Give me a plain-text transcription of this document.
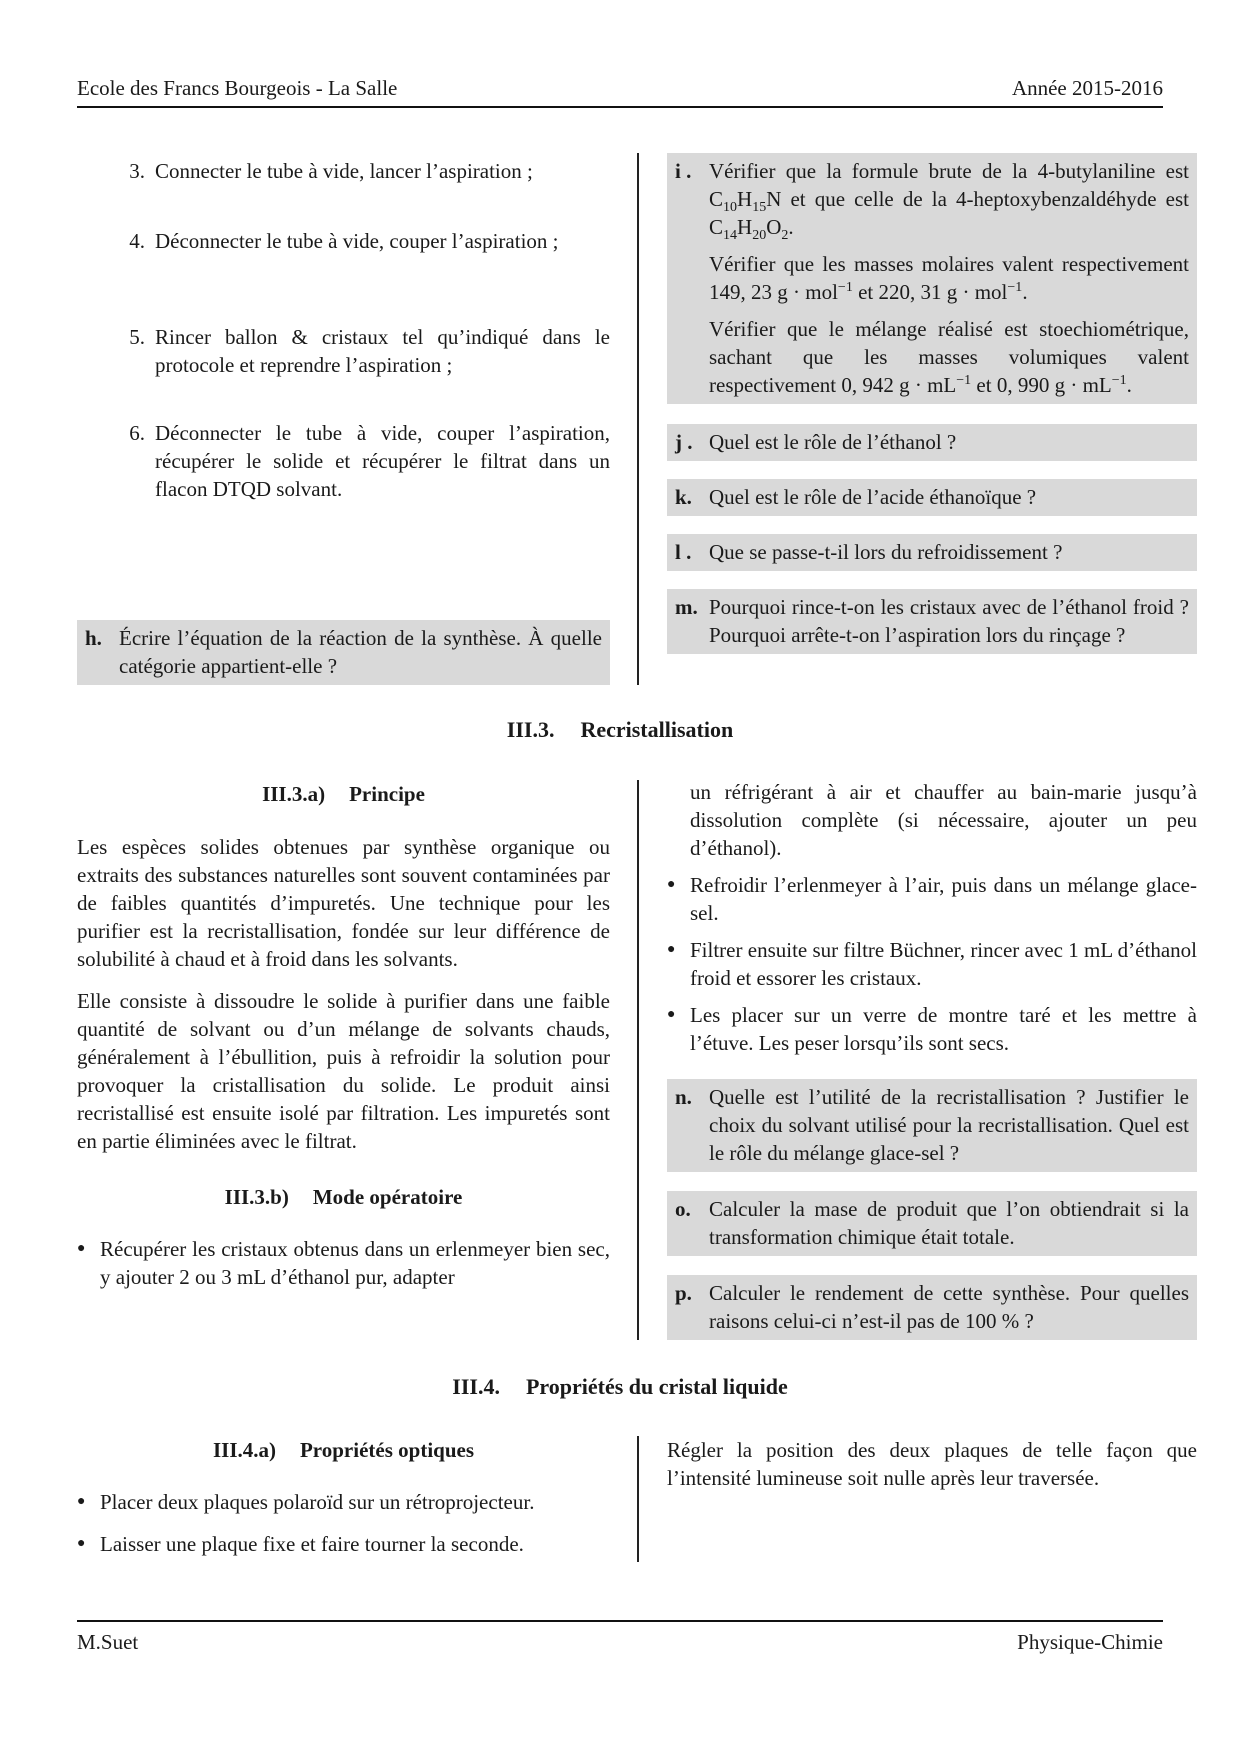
Ecole des Francs Bourgeois - La Salle	Année 2015-2016
3. Connecter le tube à vide, lancer l’aspiration ;
4. Déconnecter le tube à vide, couper l’aspiration ;
5. Rincer ballon & cristaux tel qu’indiqué dans le protocole et reprendre l’aspiration ;
6. Déconnecter le tube à vide, couper l’aspiration, récupérer le solide et récupérer le filtrat dans un flacon DTQD solvant.
h. Écrire l’équation de la réaction de la synthèse. À quelle catégorie appartient-elle ?
i . Vérifier que la formule brute de la 4-butylaniline est $C_{10}H_{15}N$ et que celle de la 4-heptoxybenzaldéhyde est $C_{14}H_{20}O_2$.

Vérifier que les masses molaires valent respectivement 149, 23 g · mol$^{-1}$ et 220, 31 g · mol$^{-1}$.

Vérifier que le mélange réalisé est stoechiométrique, sachant que les masses volumiques valent respectivement 0, 942 $g \cdot mL^{-1}$ et 0, 990 $g \cdot mL^{-1}$.

j . Quel est le rôle de l’éthanol ?
k. Quel est le rôle de l’acide éthanoïque ?
l . Que se passe-t-il lors du refroidissement ?
m. Pourquoi rince-t-on les cristaux avec de l’éthanol froid ? Pourquoi arrête-t-on l’aspiration lors du rinçage ?
III.3. Recristallisation
III.3.a) Principe

Les espèces solides obtenues par synthèse organique ou extraits des substances naturelles sont souvent contaminées par de faibles quantités d’impuretés. Une technique pour les purifier est la recristallisation, fondée sur leur différence de solubilité à chaud et à froid dans les solvants.

Elle consiste à dissoudre le solide à purifier dans une faible quantité de solvant ou d’un mélange de solvants chauds, généralement à l’ébullition, puis à refroidir la solution pour provoquer la cristallisation du solide. Le produit ainsi recristallisé est ensuite isolé par filtration. Les impuretés sont en partie éliminées avec le filtrat.

III.3.b) Mode opératoire
● Récupérer les cristaux obtenus dans un erlenmeyer bien sec, y ajouter 2 ou 3 mL d’éthanol pur, adapter
un réfrigérant à air et chauffer au bain-marie jusqu’à dissolution complète (si nécessaire, ajouter un peu d’éthanol).
● Refroidir l’erlenmeyer à l’air, puis dans un mélange glace-sel.
● Filtrer ensuite sur filtre Büchner, rincer avec 1 mL d’éthanol froid et essorer les cristaux.
● Les placer sur un verre de montre taré et les mettre à l’étuve. Les peser lorsqu’ils sont secs.
n. Quelle est l’utilité de la recristallisation ? Justifier le choix du solvant utilisé pour la recristallisation. Quel est le rôle du mélange glace-sel ?
o. Calculer la mase de produit que l’on obtiendrait si la transformation chimique était totale.
p. Calculer le rendement de cette synthèse. Pour quelles raisons celui-ci n’est-il pas de 100 % ?
III.4. Propriétés du cristal liquide
III.4.a) Propriétés optiques
● Placer deux plaques polaroïd sur un rétroprojecteur.
● Laisser une plaque fixe et faire tourner la seconde.

Régler la position des deux plaques de telle façon que l’intensité lumineuse soit nulle après leur traversée.

M.Suet	Physique-Chimie
